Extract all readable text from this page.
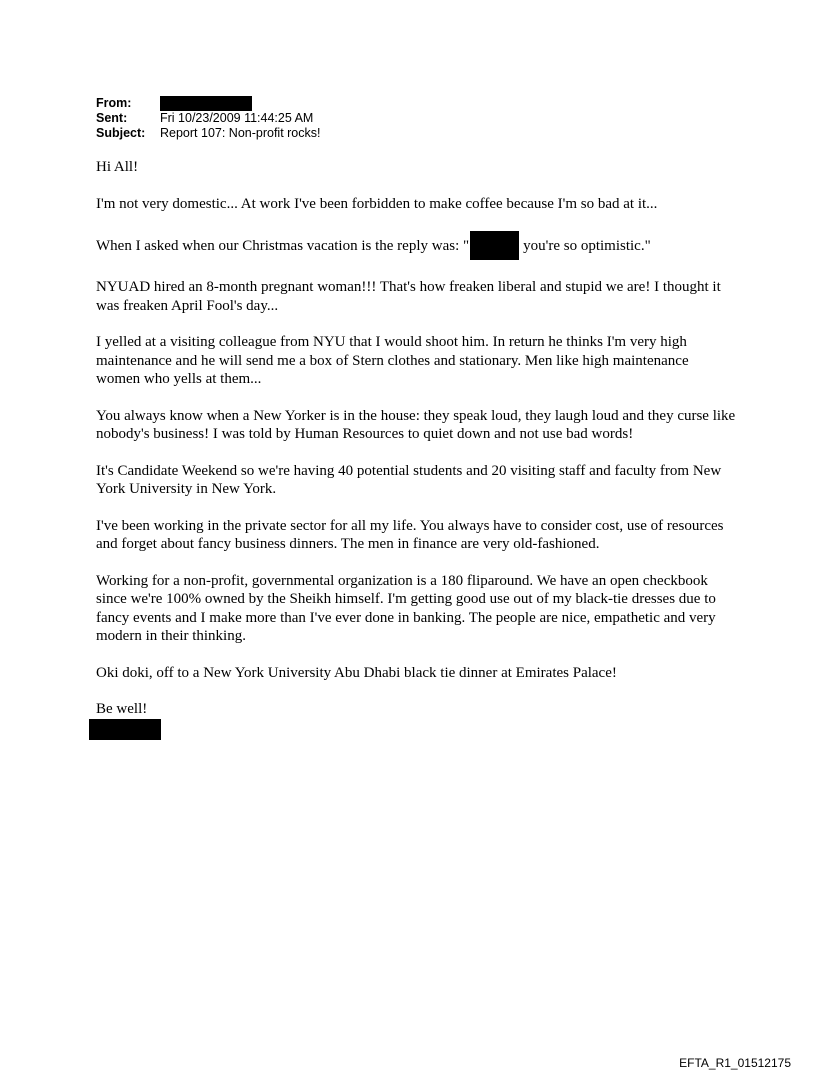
From:
Sent:	Fri 10/23/2009 11:44:25 AM
Subject:	Report 107: Non-profit rocks!

Hi All!

I'm not very domestic... At work I've been forbidden to make coffee because I'm so bad at it...

When I asked when our Christmas vacation is the reply was: "	you're so optimistic."

NYUAD hired an 8-month pregnant woman!!! That's how freaken liberal and stupid we are! I thought it was freaken April Fool's day...

I yelled at a visiting colleague from NYU that I would shoot him. In return he thinks I'm very high maintenance and he will send me a box of Stern clothes and stationary. Men like high maintenance women who yells at them...

You always know when a New Yorker is in the house: they speak loud, they laugh loud and they curse like nobody's business! I was told by Human Resources to quiet down and not use bad words!

It's Candidate Weekend so we're having 40 potential students and 20 visiting staff and faculty from New York University in New York.

I've been working in the private sector for all my life. You always have to consider cost, use of resources and forget about fancy business dinners. The men in finance are very old-fashioned.

Working for a non-profit, governmental organization is a 180 fliparound. We have an open checkbook since we're 100% owned by the Sheikh himself. I'm getting good use out of my black-tie dresses due to fancy events and I make more than I've ever done in banking. The people are nice, empathetic and very modern in their thinking.

Oki doki, off to a New York University Abu Dhabi black tie dinner at Emirates Palace!

Be well!

EFTA_R1_01512175
